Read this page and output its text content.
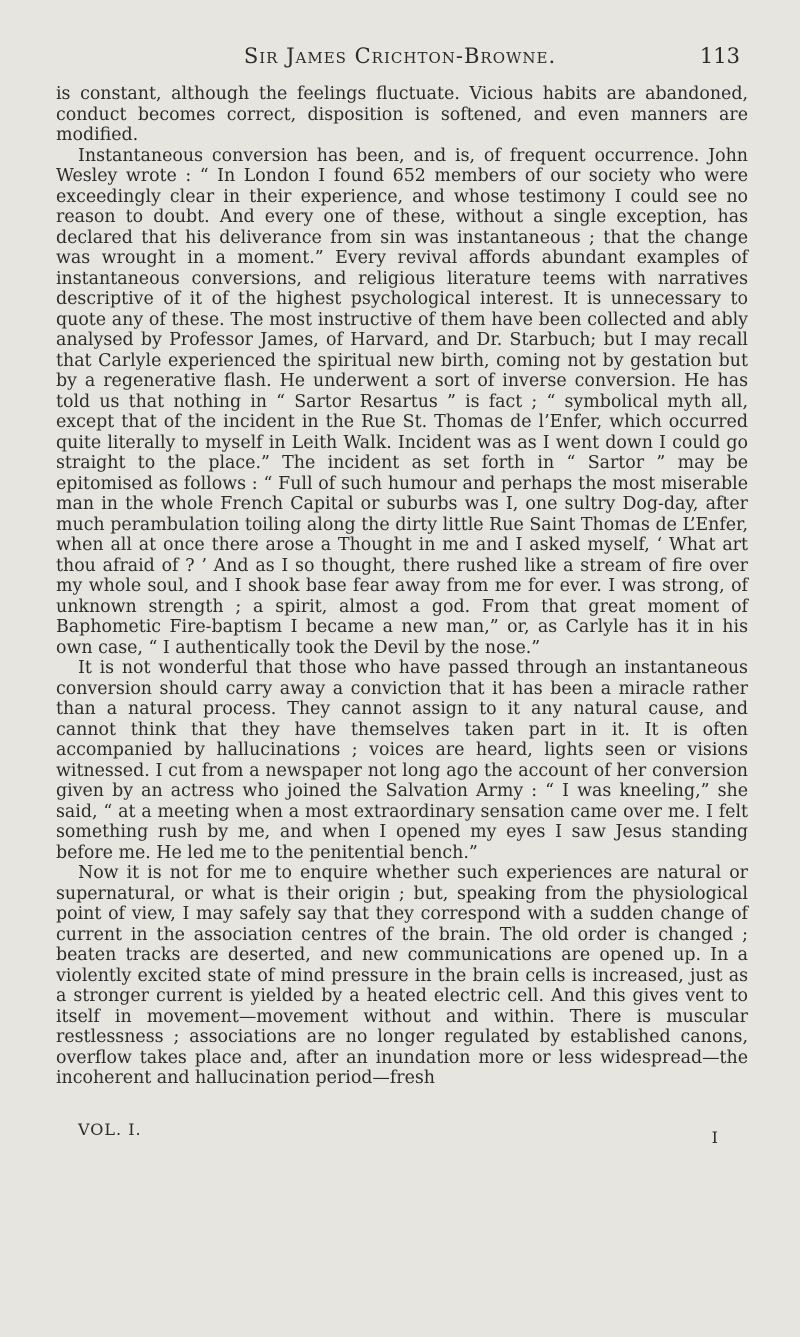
Sir James Crichton-Browne.	113

is constant, although the feelings fluctuate. Vicious habits are abandoned, conduct becomes correct, disposition is softened, and even manners are modified.

Instantaneous conversion has been, and is, of frequent occurrence. John Wesley wrote : “ In London I found 652 members of our society who were exceedingly clear in their experience, and whose testimony I could see no reason to doubt. And every one of these, without a single exception, has declared that his deliverance from sin was instantaneous ; that the change was wrought in a moment.” Every revival affords abundant examples of instantaneous conversions, and religious literature teems with narratives descriptive of it of the highest psychological interest. It is unnecessary to quote any of these. The most instructive of them have been collected and ably analysed by Professor James, of Harvard, and Dr. Starbuch; but I may recall that Carlyle experienced the spiritual new birth, coming not by gestation but by a regenerative flash. He underwent a sort of inverse conversion. He has told us that nothing in “ Sartor Resartus ” is fact ; “ symbolical myth all, except that of the incident in the Rue St. Thomas de l’Enfer, which occurred quite literally to myself in Leith Walk. Incident was as I went down I could go straight to the place.” The incident as set forth in “ Sartor ” may be epitomised as follows : “ Full of such humour and perhaps the most miserable man in the whole French Capital or suburbs was I, one sultry Dog-day, after much perambulation toiling along the dirty little Rue Saint Thomas de L’Enfer, when all at once there arose a Thought in me and I asked myself, ‘ What art thou afraid of ? ’ And as I so thought, there rushed like a stream of fire over my whole soul, and I shook base fear away from me for ever. I was strong, of unknown strength ; a spirit, almost a god. From that great moment of Baphometic Fire-baptism I became a new man,” or, as Carlyle has it in his own case, “ I authentically took the Devil by the nose.”

It is not wonderful that those who have passed through an instantaneous conversion should carry away a conviction that it has been a miracle rather than a natural process. They cannot assign to it any natural cause, and cannot think that they have themselves taken part in it. It is often accompanied by hallucinations ; voices are heard, lights seen or visions witnessed. I cut from a newspaper not long ago the account of her conversion given by an actress who joined the Salvation Army : “ I was kneeling,” she said, “ at a meeting when a most extraordinary sensation came over me. I felt something rush by me, and when I opened my eyes I saw Jesus standing before me. He led me to the penitential bench.”

Now it is not for me to enquire whether such experiences are natural or supernatural, or what is their origin ; but, speaking from the physiological point of view, I may safely say that they correspond with a sudden change of current in the association centres of the brain. The old order is changed ; beaten tracks are deserted, and new communications are opened up. In a violently excited state of mind pressure in the brain cells is increased, just as a stronger current is yielded by a heated electric cell. And this gives vent to itself in movement—movement without and within. There is muscular restlessness ; associations are no longer regulated by established canons, overflow takes place and, after an inundation more or less widespread—the incoherent and hallucination period—fresh

VOL. I.	I
